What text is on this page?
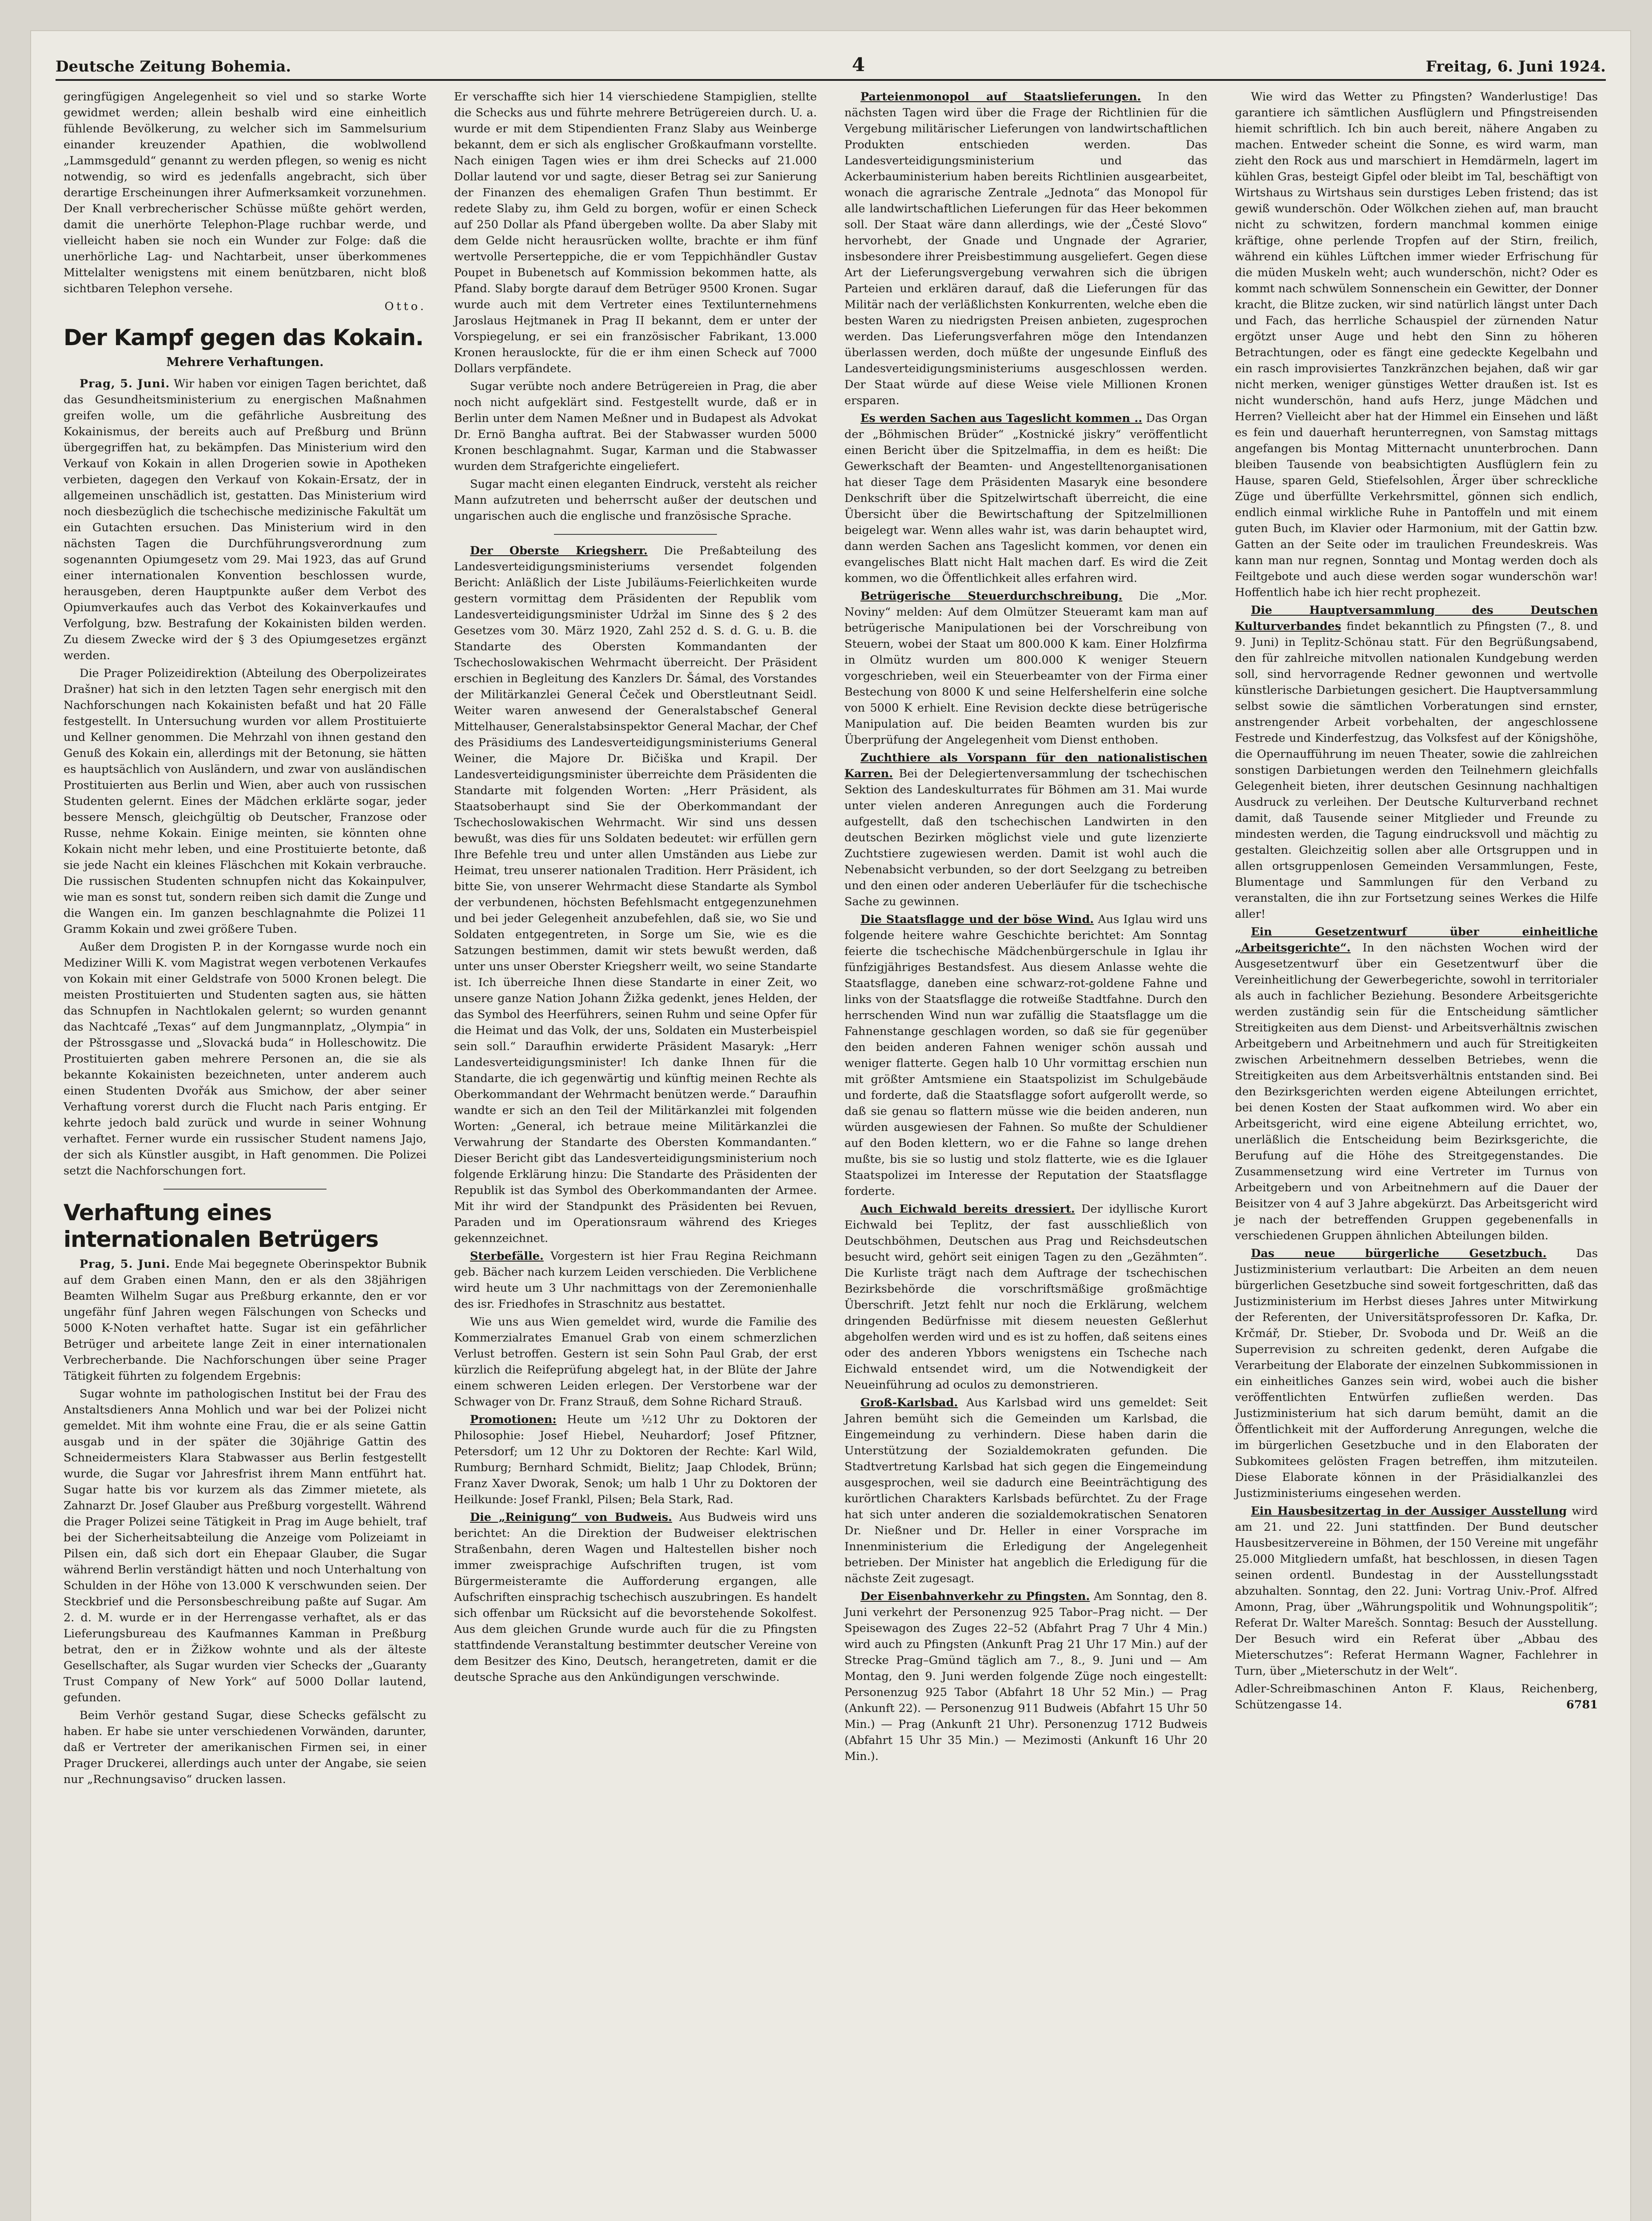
Deutsche Zeitung Bohemia.	4	Freitag, 6. Juni 1924.

geringfügigen Angelegenheit so viel und so starke Worte gewidmet werden; allein beshalb wird eine einheitlich fühlende Bevölkerung, zu welcher sich im Sammelsurium einander kreuzender Apathien, die woblwollend „Lammsgeduld“ genannt zu werden pflegen, so wenig es nicht notwendig, so wird es jedenfalls angebracht, sich über derartige Erscheinungen ihrer Aufmerksamkeit vorzunehmen. Der Knall verbrecherischer Schüsse müßte gehört werden, damit die unerhörte Telephon-Plage ruchbar werde, und vielleicht haben sie noch ein Wunder zur Folge: daß die unerhörliche Lag- und Nachtarbeit, unser überkommenes Mittelalter wenigstens mit einem benützbaren, nicht bloß sichtbaren Telephon versehe.

Otto.
Der Kampf gegen das Kokain.
Mehrere Verhaftungen.

Prag, 5. Juni. Wir haben vor einigen Tagen berichtet, daß das Gesundheitsministerium zu energischen Maßnahmen greifen wolle, um die gefährliche Ausbreitung des Kokainismus, der bereits auch auf Preßburg und Brünn übergegriffen hat, zu bekämpfen. Das Ministerium wird den Verkauf von Kokain in allen Drogerien sowie in Apotheken verbieten, dagegen den Verkauf von Kokain-Ersatz, der in allgemeinen unschädlich ist, gestatten. Das Ministerium wird noch diesbezüglich die tschechische medizinische Fakultät um ein Gutachten ersuchen. Das Ministerium wird in den nächsten Tagen die Durchführungsverordnung zum sogenannten Opiumgesetz vom 29. Mai 1923, das auf Grund einer internationalen Konvention beschlossen wurde, herausgeben, deren Hauptpunkte außer dem Verbot des Opiumverkaufes auch das Verbot des Kokainverkaufes und Verfolgung, bzw. Bestrafung der Kokainisten bilden werden. Zu diesem Zwecke wird der § 3 des Opiumgesetzes ergänzt werden.

Die Prager Polizeidirektion (Abteilung des Oberpolizeirates Drašner) hat sich in den letzten Tagen sehr energisch mit den Nachforschungen nach Kokainisten befaßt und hat 20 Fälle festgestellt. In Untersuchung wurden vor allem Prostituierte und Kellner genommen. Die Mehrzahl von ihnen gestand den Genuß des Kokain ein, allerdings mit der Betonung, sie hätten es hauptsächlich von Ausländern, und zwar von ausländischen Prostituierten aus Berlin und Wien, aber auch von russischen Studenten gelernt. Eines der Mädchen erklärte sogar, jeder bessere Mensch, gleichgültig ob Deutscher, Franzose oder Russe, nehme Kokain. Einige meinten, sie könnten ohne Kokain nicht mehr leben, und eine Prostituierte betonte, daß sie jede Nacht ein kleines Fläschchen mit Kokain verbrauche. Die russischen Studenten schnupfen nicht das Kokainpulver, wie man es sonst tut, sondern reiben sich damit die Zunge und die Wangen ein. Im ganzen beschlagnahmte die Polizei 11 Gramm Kokain und zwei größere Tuben.

Außer dem Drogisten P. in der Korngasse wurde noch ein Mediziner Willi K. vom Magistrat wegen verbotenen Verkaufes von Kokain mit einer Geldstrafe von 5000 Kronen belegt. Die meisten Prostituierten und Studenten sagten aus, sie hätten das Schnupfen in Nachtlokalen gelernt; so wurden genannt das Nachtcafé „Texas“ auf dem Jungmannplatz, „Olympia“ in der Pštrossgasse und „Slovacká buda“ in Holleschowitz. Die Prostituierten gaben mehrere Personen an, die sie als bekannte Kokainisten bezeichneten, unter anderem auch einen Studenten Dvořák aus Smichow, der aber seiner Verhaftung vorerst durch die Flucht nach Paris entging. Er kehrte jedoch bald zurück und wurde in seiner Wohnung verhaftet. Ferner wurde ein russischer Student namens Jajo, der sich als Künstler ausgibt, in Haft genommen. Die Polizei setzt die Nachforschungen fort.

Verhaftung eines internationalen Betrügers

Prag, 5. Juni. Ende Mai begegnete Oberinspektor Bubnik auf dem Graben einen Mann, den er als den 38jährigen Beamten Wilhelm Sugar aus Preßburg erkannte, den er vor ungefähr fünf Jahren wegen Fälschungen von Schecks und 5000 K-Noten verhaftet hatte. Sugar ist ein gefährlicher Betrüger und arbeitete lange Zeit in einer internationalen Verbrecherbande. Die Nachforschungen über seine Prager Tätigkeit führten zu folgendem Ergebnis:

Sugar wohnte im pathologischen Institut bei der Frau des Anstaltsdieners Anna Mohlich und war bei der Polizei nicht gemeldet. Mit ihm wohnte eine Frau, die er als seine Gattin ausgab und in der später die 30jährige Gattin des Schneidermeisters Klara Stabwasser aus Berlin festgestellt wurde, die Sugar vor Jahresfrist ihrem Mann entführt hat. Sugar hatte bis vor kurzem als das Zimmer mietete, als Zahnarzt Dr. Josef Glauber aus Preßburg vorgestellt. Während die Prager Polizei seine Tätigkeit in Prag im Auge behielt, traf bei der Sicherheitsabteilung die Anzeige vom Polizeiamt in Pilsen ein, daß sich dort ein Ehepaar Glauber, die Sugar während Berlin verständigt hätten und noch Unterhaltung von Schulden in der Höhe von 13.000 K verschwunden seien. Der Steckbrief und die Personsbeschreibung paßte auf Sugar. Am 2. d. M. wurde er in der Herrengasse verhaftet, als er das Lieferungsbureau des Kaufmannes Kamman in Preßburg betrat, den er in Žižkow wohnte und als der älteste Gesellschafter, als Sugar wurden vier Schecks der „Guaranty Trust Company of New York“ auf 5000 Dollar lautend, gefunden.

Beim Verhör gestand Sugar, diese Schecks gefälscht zu haben. Er habe sie unter verschiedenen Vorwänden, darunter, daß er Vertreter der amerikanischen Firmen sei, in einer Prager Druckerei, allerdings auch unter der Angabe, sie seien nur „Rechnungsaviso“ drucken lassen.

Er verschaffte sich hier 14 vierschiedene Stampiglien, stellte die Schecks aus und führte mehrere Betrügereien durch. U. a. wurde er mit dem Stipendienten Franz Slaby aus Weinberge bekannt, dem er sich als englischer Großkaufmann vorstellte. Nach einigen Tagen wies er ihm drei Schecks auf 21.000 Dollar lautend vor und sagte, dieser Betrag sei zur Sanierung der Finanzen des ehemaligen Grafen Thun bestimmt. Er redete Slaby zu, ihm Geld zu borgen, wofür er einen Scheck auf 250 Dollar als Pfand übergeben wollte. Da aber Slaby mit dem Gelde nicht herausrücken wollte, brachte er ihm fünf wertvolle Perserteppiche, die er vom Teppichhändler Gustav Poupet in Bubenetsch auf Kommission bekommen hatte, als Pfand. Slaby borgte darauf dem Betrüger 9500 Kronen. Sugar wurde auch mit dem Vertreter eines Textilunternehmens Jaroslaus Hejtmanek in Prag II bekannt, dem er unter der Vorspiegelung, er sei ein französischer Fabrikant, 13.000 Kronen herauslockte, für die er ihm einen Scheck auf 7000 Dollars verpfändete.

Sugar verübte noch andere Betrügereien in Prag, die aber noch nicht aufgeklärt sind. Festgestellt wurde, daß er in Berlin unter dem Namen Meßner und in Budapest als Advokat Dr. Ernö Bangha auftrat. Bei der Stabwasser wurden 5000 Kronen beschlagnahmt. Sugar, Karman und die Stabwasser wurden dem Strafgerichte eingeliefert.

Sugar macht einen eleganten Eindruck, versteht als reicher Mann aufzutreten und beherrscht außer der deutschen und ungarischen auch die englische und französische Sprache.

Der Oberste Kriegsherr. Die Preßabteilung des Landesverteidigungsministeriums versendet folgenden Bericht: Anläßlich der Liste Jubiläums-Feierlichkeiten wurde gestern vormittag dem Präsidenten der Republik vom Landesverteidigungsminister Udržal im Sinne des § 2 des Gesetzes vom 30. März 1920, Zahl 252 d. S. d. G. u. B. die Standarte des Obersten Kommandanten der Tschechoslowakischen Wehrmacht überreicht. Der Präsident erschien in Begleitung des Kanzlers Dr. Šámal, des Vorstandes der Militärkanzlei General Čeček und Oberstleutnant Seidl. Weiter waren anwesend der Generalstabschef General Mittelhauser, Generalstabsinspektor General Machar, der Chef des Präsidiums des Landesverteidigungsministeriums General Weiner, die Majore Dr. Bičiška und Krapil. Der Landesverteidigungsminister überreichte dem Präsidenten die Standarte mit folgenden Worten: „Herr Präsident, als Staatsoberhaupt sind Sie der Oberkommandant der Tschechoslowakischen Wehrmacht. Wir sind uns dessen bewußt, was dies für uns Soldaten bedeutet: wir erfüllen gern Ihre Befehle treu und unter allen Umständen aus Liebe zur Heimat, treu unserer nationalen Tradition. Herr Präsident, ich bitte Sie, von unserer Wehrmacht diese Standarte als Symbol der verbundenen, höchsten Befehlsmacht entgegenzunehmen und bei jeder Gelegenheit anzubefehlen, daß sie, wo Sie und Soldaten entgegentreten, in Sorge um Sie, wie es die Satzungen bestimmen, damit wir stets bewußt werden, daß unter uns unser Oberster Kriegsherr weilt, wo seine Standarte ist. Ich überreiche Ihnen diese Standarte in einer Zeit, wo unsere ganze Nation Johann Žižka gedenkt, jenes Helden, der das Symbol des Heerführers, seinen Ruhm und seine Opfer für die Heimat und das Volk, der uns, Soldaten ein Musterbeispiel sein soll.“ Daraufhin erwiderte Präsident Masaryk: „Herr Landesverteidigungsminister! Ich danke Ihnen für die Standarte, die ich gegenwärtig und künftig meinen Rechte als Oberkommandant der Wehrmacht benützen werde.“ Daraufhin wandte er sich an den Teil der Militärkanzlei mit folgenden Worten: „General, ich betraue meine Militärkanzlei die Verwahrung der Standarte des Obersten Kommandanten.“ Dieser Bericht gibt das Landesverteidigungsministerium noch folgende Erklärung hinzu: Die Standarte des Präsidenten der Republik ist das Symbol des Oberkommandanten der Armee. Mit ihr wird der Standpunkt des Präsidenten bei Revuen, Paraden und im Operationsraum während des Krieges gekennzeichnet.

Sterbefälle. Vorgestern ist hier Frau Regina Reichmann geb. Bächer nach kurzem Leiden verschieden. Die Verblichene wird heute um 3 Uhr nachmittags von der Zeremonienhalle des isr. Friedhofes in Straschnitz aus bestattet.

Wie uns aus Wien gemeldet wird, wurde die Familie des Kommerzialrates Emanuel Grab von einem schmerzlichen Verlust betroffen. Gestern ist sein Sohn Paul Grab, der erst kürzlich die Reifeprüfung abgelegt hat, in der Blüte der Jahre einem schweren Leiden erlegen. Der Verstorbene war der Schwager von Dr. Franz Strauß, dem Sohne Richard Strauß.

Promotionen: Heute um ½12 Uhr zu Doktoren der Philosophie: Josef Hiebel, Neuhardorf; Josef Pfitzner, Petersdorf; um 12 Uhr zu Doktoren der Rechte: Karl Wild, Rumburg; Bernhard Schmidt, Bielitz; Jaap Chlodek, Brünn; Franz Xaver Dworak, Senok; um halb 1 Uhr zu Doktoren der Heilkunde: Josef Frankl, Pilsen; Bela Stark, Rad.

Die „Reinigung“ von Budweis. Aus Budweis wird uns berichtet: An die Direktion der Budweiser elektrischen Straßenbahn, deren Wagen und Haltestellen bisher noch immer zweisprachige Aufschriften trugen, ist vom Bürgermeisteramte die Aufforderung ergangen, alle Aufschriften einsprachig tschechisch auszubringen. Es handelt sich offenbar um Rücksicht auf die bevorstehende Sokolfest. Aus dem gleichen Grunde wurde auch für die zu Pfingsten stattfindende Veranstaltung bestimmter deutscher Vereine von dem Besitzer des Kino, Deutsch, herangetreten, damit er die deutsche Sprache aus den Ankündigungen verschwinde.

Parteienmonopol auf Staatslieferungen. In den nächsten Tagen wird über die Frage der Richtlinien für die Vergebung militärischer Lieferungen von landwirtschaftlichen Produkten entschieden werden. Das Landesverteidigungsministerium und das Ackerbauministerium haben bereits Richtlinien ausgearbeitet, wonach die agrarische Zentrale „Jednota“ das Monopol für alle landwirtschaftlichen Lieferungen für das Heer bekommen soll. Der Staat wäre dann allerdings, wie der „Česté Slovo“ hervorhebt, der Gnade und Ungnade der Agrarier, insbesondere ihrer Preisbestimmung ausgeliefert. Gegen diese Art der Lieferungsvergebung verwahren sich die übrigen Parteien und erklären darauf, daß die Lieferungen für das Militär nach der verläßlichsten Konkurrenten, welche eben die besten Waren zu niedrigsten Preisen anbieten, zugesprochen werden. Das Lieferungsverfahren möge den Intendanzen überlassen werden, doch müßte der ungesunde Einfluß des Landesverteidigungsministeriums ausgeschlossen werden. Der Staat würde auf diese Weise viele Millionen Kronen ersparen.

Es werden Sachen aus Tageslicht kommen .. Das Organ der „Böhmischen Brüder“ „Kostnické jiskry“ veröffentlicht einen Bericht über die Spitzelmaffia, in dem es heißt: Die Gewerkschaft der Beamten- und Angestelltenorganisationen hat dieser Tage dem Präsidenten Masaryk eine besondere Denkschrift über die Spitzelwirtschaft überreicht, die eine Übersicht über die Bewirtschaftung der Spitzelmillionen beigelegt war. Wenn alles wahr ist, was darin behauptet wird, dann werden Sachen ans Tageslicht kommen, vor denen ein evangelisches Blatt nicht Halt machen darf. Es wird die Zeit kommen, wo die Öffentlichkeit alles erfahren wird.

Betrügerische Steuerdurchschreibung. Die „Mor. Noviny“ melden: Auf dem Olmützer Steueramt kam man auf betrügerische Manipulationen bei der Vorschreibung von Steuern, wobei der Staat um 800.000 K kam. Einer Holzfirma in Olmütz wurden um 800.000 K weniger Steuern vorgeschrieben, weil ein Steuerbeamter von der Firma einer Bestechung von 8000 K und seine Helfershelferin eine solche von 5000 K erhielt. Eine Revision deckte diese betrügerische Manipulation auf. Die beiden Beamten wurden bis zur Überprüfung der Angelegenheit vom Dienst enthoben.

Zuchthiere als Vorspann für den nationalistischen Karren. Bei der Delegiertenversammlung der tschechischen Sektion des Landeskulturrates für Böhmen am 31. Mai wurde unter vielen anderen Anregungen auch die Forderung aufgestellt, daß den tschechischen Landwirten in den deutschen Bezirken möglichst viele und gute lizenzierte Zuchtstiere zugewiesen werden. Damit ist wohl auch die Nebenabsicht verbunden, so der dort Seelzgang zu betreiben und den einen oder anderen Ueberläufer für die tschechische Sache zu gewinnen.

Die Staatsflagge und der böse Wind. Aus Iglau wird uns folgende heitere wahre Geschichte berichtet: Am Sonntag feierte die tschechische Mädchenbürgerschule in Iglau ihr fünfzigjähriges Bestandsfest. Aus diesem Anlasse wehte die Staatsflagge, daneben eine schwarz-rot-goldene Fahne und links von der Staatsflagge die rotweiße Stadtfahne. Durch den herrschenden Wind nun war zufällig die Staatsflagge um die Fahnenstange geschlagen worden, so daß sie für gegenüber den beiden anderen Fahnen weniger schön aussah und weniger flatterte. Gegen halb 10 Uhr vormittag erschien nun mit größter Amtsmiene ein Staatspolizist im Schulgebäude und forderte, daß die Staatsflagge sofort aufgerollt werde, so daß sie genau so flattern müsse wie die beiden anderen, nun würden ausgewiesen der Fahnen. So mußte der Schuldiener auf den Boden klettern, wo er die Fahne so lange drehen mußte, bis sie so lustig und stolz flatterte, wie es die Iglauer Staatspolizei im Interesse der Reputation der Staatsflagge forderte.

Auch Eichwald bereits dressiert. Der idyllische Kurort Eichwald bei Teplitz, der fast ausschließlich von Deutschböhmen, Deutschen aus Prag und Reichsdeutschen besucht wird, gehört seit einigen Tagen zu den „Gezähmten“. Die Kurliste trägt nach dem Auftrage der tschechischen Bezirksbehörde die vorschriftsmäßige großmächtige Überschrift. Jetzt fehlt nur noch die Erklärung, welchem dringenden Bedürfnisse mit diesem neuesten Geßlerhut abgeholfen werden wird und es ist zu hoffen, daß seitens eines oder des anderen Ybbors wenigstens ein Tscheche nach Eichwald entsendet wird, um die Notwendigkeit der Neueinführung ad oculos zu demonstrieren.

Groß-Karlsbad. Aus Karlsbad wird uns gemeldet: Seit Jahren bemüht sich die Gemeinden um Karlsbad, die Eingemeindung zu verhindern. Diese haben darin die Unterstützung der Sozialdemokraten gefunden. Die Stadtvertretung Karlsbad hat sich gegen die Eingemeindung ausgesprochen, weil sie dadurch eine Beeinträchtigung des kurörtlichen Charakters Karlsbads befürchtet. Zu der Frage hat sich unter anderen die sozialdemokratischen Senatoren Dr. Nießner und Dr. Heller in einer Vorsprache im Innenministerium die Erledigung der Angelegenheit betrieben. Der Minister hat angeblich die Erledigung für die nächste Zeit zugesagt.

Der Eisenbahnverkehr zu Pfingsten. Am Sonntag, den 8. Juni verkehrt der Personenzug 925 Tabor–Prag nicht. — Der Speisewagon des Zuges 22–52 (Abfahrt Prag 7 Uhr 4 Min.) wird auch zu Pfingsten (Ankunft Prag 21 Uhr 17 Min.) auf der Strecke Prag–Gmünd täglich am 7., 8., 9. Juni und — Am Montag, den 9. Juni werden folgende Züge noch eingestellt: Personenzug 925 Tabor (Abfahrt 18 Uhr 52 Min.) — Prag (Ankunft 22). — Personenzug 911 Budweis (Abfahrt 15 Uhr 50 Min.) — Prag (Ankunft 21 Uhr). Personenzug 1712 Budweis (Abfahrt 15 Uhr 35 Min.) — Mezimosti (Ankunft 16 Uhr 20 Min.).

Wie wird das Wetter zu Pfingsten? Wanderlustige! Das garantiere ich sämtlichen Ausflüglern und Pfingstreisenden hiemit schriftlich. Ich bin auch bereit, nähere Angaben zu machen. Entweder scheint die Sonne, es wird warm, man zieht den Rock aus und marschiert in Hemdärmeln, lagert im kühlen Gras, besteigt Gipfel oder bleibt im Tal, beschäftigt von Wirtshaus zu Wirtshaus sein durstiges Leben fristend; das ist gewiß wunderschön. Oder Wölkchen ziehen auf, man braucht nicht zu schwitzen, fordern manchmal kommen einige kräftige, ohne perlende Tropfen auf der Stirn, freilich, während ein kühles Lüftchen immer wieder Erfrischung für die müden Muskeln weht; auch wunderschön, nicht? Oder es kommt nach schwülem Sonnenschein ein Gewitter, der Donner kracht, die Blitze zucken, wir sind natürlich längst unter Dach und Fach, das herrliche Schauspiel der zürnenden Natur ergötzt unser Auge und hebt den Sinn zu höheren Betrachtungen, oder es fängt eine gedeckte Kegelbahn und ein rasch improvisiertes Tanzkränzchen bejahen, daß wir gar nicht merken, weniger günstiges Wetter draußen ist. Ist es nicht wunderschön, hand aufs Herz, junge Mädchen und Herren? Vielleicht aber hat der Himmel ein Einsehen und läßt es fein und dauerhaft herunterregnen, von Samstag mittags angefangen bis Montag Mitternacht ununterbrochen. Dann bleiben Tausende von beabsichtigten Ausflüglern fein zu Hause, sparen Geld, Stiefelsohlen, Ärger über schreckliche Züge und überfüllte Verkehrsmittel, gönnen sich endlich, endlich einmal wirkliche Ruhe in Pantoffeln und mit einem guten Buch, im Klavier oder Harmonium, mit der Gattin bzw. Gatten an der Seite oder im traulichen Freundeskreis. Was kann man nur regnen, Sonntag und Montag werden doch als Feiltgebote und auch diese werden sogar wunderschön war! Hoffentlich habe ich hier recht prophezeit.

Die Hauptversammlung des Deutschen Kulturverbandes findet bekanntlich zu Pfingsten (7., 8. und 9. Juni) in Teplitz-Schönau statt. Für den Begrüßungsabend, den für zahlreiche mitvollen nationalen Kundgebung werden soll, sind hervorragende Redner gewonnen und wertvolle künstlerische Darbietungen gesichert. Die Hauptversammlung selbst sowie die sämtlichen Vorberatungen sind ernster, anstrengender Arbeit vorbehalten, der angeschlossene Festrede und Kinderfestzug, das Volksfest auf der Königshöhe, die Opernaufführung im neuen Theater, sowie die zahlreichen sonstigen Darbietungen werden den Teilnehmern gleichfalls Gelegenheit bieten, ihrer deutschen Gesinnung nachhaltigen Ausdruck zu verleihen. Der Deutsche Kulturverband rechnet damit, daß Tausende seiner Mitglieder und Freunde zu mindesten werden, die Tagung eindrucksvoll und mächtig zu gestalten. Gleichzeitig sollen aber alle Ortsgruppen und in allen ortsgruppenlosen Gemeinden Versammlungen, Feste, Blumentage und Sammlungen für den Verband zu veranstalten, die ihn zur Fortsetzung seines Werkes die Hilfe aller!

Ein Gesetzentwurf über einheitliche „Arbeitsgerichte“. In den nächsten Wochen wird der Ausgesetzentwurf über ein Gesetzentwurf über die Vereinheitlichung der Gewerbegerichte, sowohl in territorialer als auch in fachlicher Beziehung. Besondere Arbeitsgerichte werden zuständig sein für die Entscheidung sämtlicher Streitigkeiten aus dem Dienst- und Arbeitsverhältnis zwischen Arbeitgebern und Arbeitnehmern und auch für Streitigkeiten zwischen Arbeitnehmern desselben Betriebes, wenn die Streitigkeiten aus dem Arbeitsverhältnis entstanden sind. Bei den Bezirksgerichten werden eigene Abteilungen errichtet, bei denen Kosten der Staat aufkommen wird. Wo aber ein Arbeitsgericht, wird eine eigene Abteilung errichtet, wo, unerläßlich die Entscheidung beim Bezirksgerichte, die Berufung auf die Höhe des Streitgegenstandes. Die Zusammensetzung wird eine Vertreter im Turnus von Arbeitgebern und von Arbeitnehmern auf die Dauer der Beisitzer von 4 auf 3 Jahre abgekürzt. Das Arbeitsgericht wird je nach der betreffenden Gruppen gegebenenfalls in verschiedenen Gruppen ähnlichen Abteilungen bilden.

Das neue bürgerliche Gesetzbuch.	Das Justizministerium verlautbart: Die Arbeiten an dem neuen bürgerlichen Gesetzbuche sind soweit fortgeschritten, daß das Justizministerium im Herbst dieses Jahres unter Mitwirkung der Referenten, der Universitätsprofessoren Dr. Kafka, Dr. Krčmář, Dr. Stieber, Dr. Svoboda und Dr. Weiß an die Superrevision zu schreiten gedenkt, deren Aufgabe die Verarbeitung der Elaborate der einzelnen Subkommissionen in ein einheitliches Ganzes sein wird, wobei auch die bisher veröffentlichten Entwürfen zufließen werden. Das Justizministerium hat sich darum bemüht, damit an die Öffentlichkeit mit der Aufforderung Anregungen, welche die im bürgerlichen Gesetzbuche und in den Elaboraten der Subkomitees gelösten Fragen betreffen, ihm mitzuteilen. Diese Elaborate können in der Präsidialkanzlei des Justizministeriums eingesehen werden.

Ein Hausbesitzertag in der Aussiger Ausstellung wird am 21. und 22. Juni stattfinden. Der Bund deutscher Hausbesitzervereine in Böhmen, der 150 Vereine mit ungefähr 25.000 Mitgliedern umfaßt, hat beschlossen, in diesen Tagen seinen ordentl. Bundestag in der Ausstellungsstadt abzuhalten. Sonntag, den 22. Juni: Vortrag Univ.-Prof. Alfred Amonn, Prag, über „Währungspolitik und Wohnungspolitik“; Referat Dr. Walter Marešch. Sonntag: Besuch der Ausstellung. Der Besuch wird ein Referat über „Abbau des Mieterschutzes“: Referat Hermann Wagner, Fachlehrer in Turn, über „Mieterschutz in der Welt“.

Adler-Schreibmaschinen Anton F. Klaus, Reichenberg, Schützengasse 14.	6781
